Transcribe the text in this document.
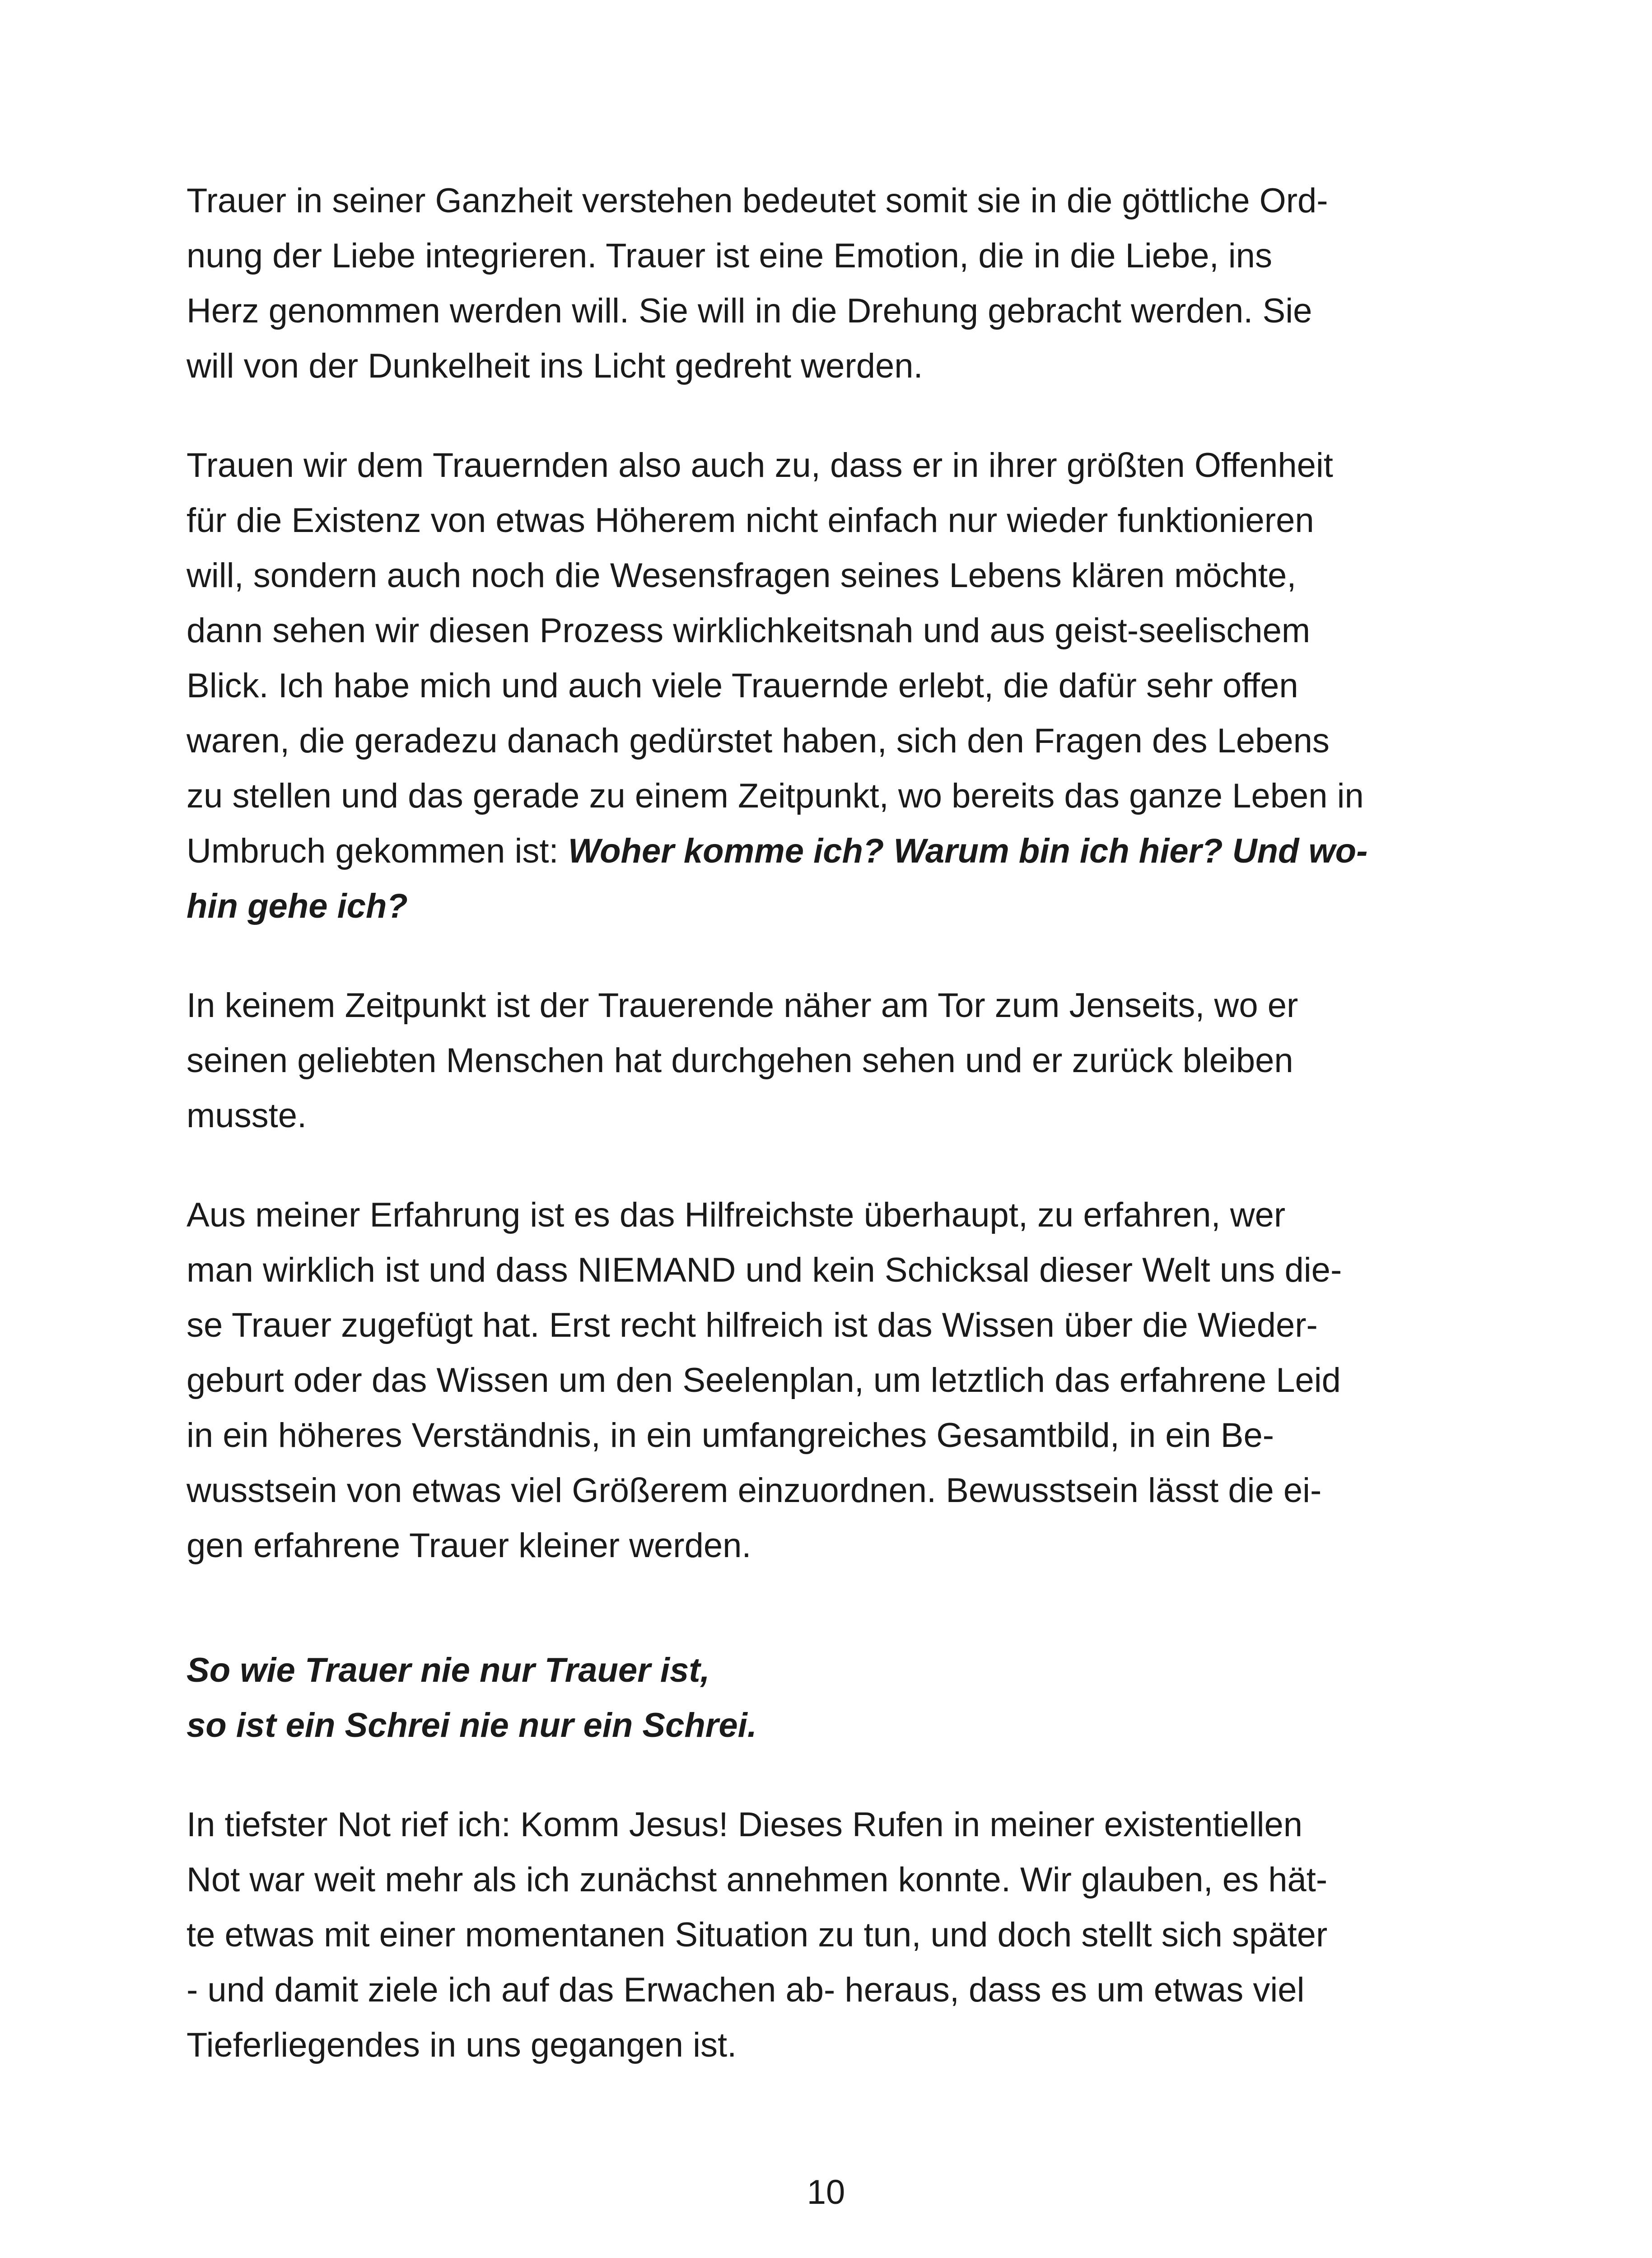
Trauer in seiner Ganzheit verstehen bedeutet somit sie in die göttliche Ord-
nung der Liebe integrieren. Trauer ist eine Emotion, die in die Liebe, ins
Herz genommen werden will. Sie will in die Drehung gebracht werden. Sie
will von der Dunkelheit ins Licht gedreht werden.

Trauen wir dem Trauernden also auch zu, dass er in ihrer größten Offenheit
für die Existenz von etwas Höherem nicht einfach nur wieder funktionieren
will, sondern auch noch die Wesensfragen seines Lebens klären möchte,
dann sehen wir diesen Prozess wirklichkeitsnah und aus geist-seelischem
Blick. Ich habe mich und auch viele Trauernde erlebt, die dafür sehr offen
waren, die geradezu danach gedürstet haben, sich den Fragen des Lebens
zu stellen und das gerade zu einem Zeitpunkt, wo bereits das ganze Leben in
Umbruch gekommen ist: Woher komme ich? Warum bin ich hier? Und wo-
hin gehe ich?

In keinem Zeitpunkt ist der Trauerende näher am Tor zum Jenseits, wo er
seinen geliebten Menschen hat durchgehen sehen und er zurück bleiben
musste.

Aus meiner Erfahrung ist es das Hilfreichste überhaupt, zu erfahren, wer
man wirklich ist und dass NIEMAND und kein Schicksal dieser Welt uns die-
se Trauer zugefügt hat. Erst recht hilfreich ist das Wissen über die Wieder-
geburt oder das Wissen um den Seelenplan, um letztlich das erfahrene Leid
in ein höheres Verständnis, in ein umfangreiches Gesamtbild, in ein Be-
wusstsein von etwas viel Größerem einzuordnen. Bewusstsein lässt die ei-
gen erfahrene Trauer kleiner werden.

So wie Trauer nie nur Trauer ist,
so ist ein Schrei nie nur ein Schrei.

In tiefster Not rief ich: Komm Jesus! Dieses Rufen in meiner existentiellen
Not war weit mehr als ich zunächst annehmen konnte. Wir glauben, es hät-
te etwas mit einer momentanen Situation zu tun, und doch stellt sich später
- und damit ziele ich auf das Erwachen ab- heraus, dass es um etwas viel
Tieferliegendes in uns gegangen ist.

10
